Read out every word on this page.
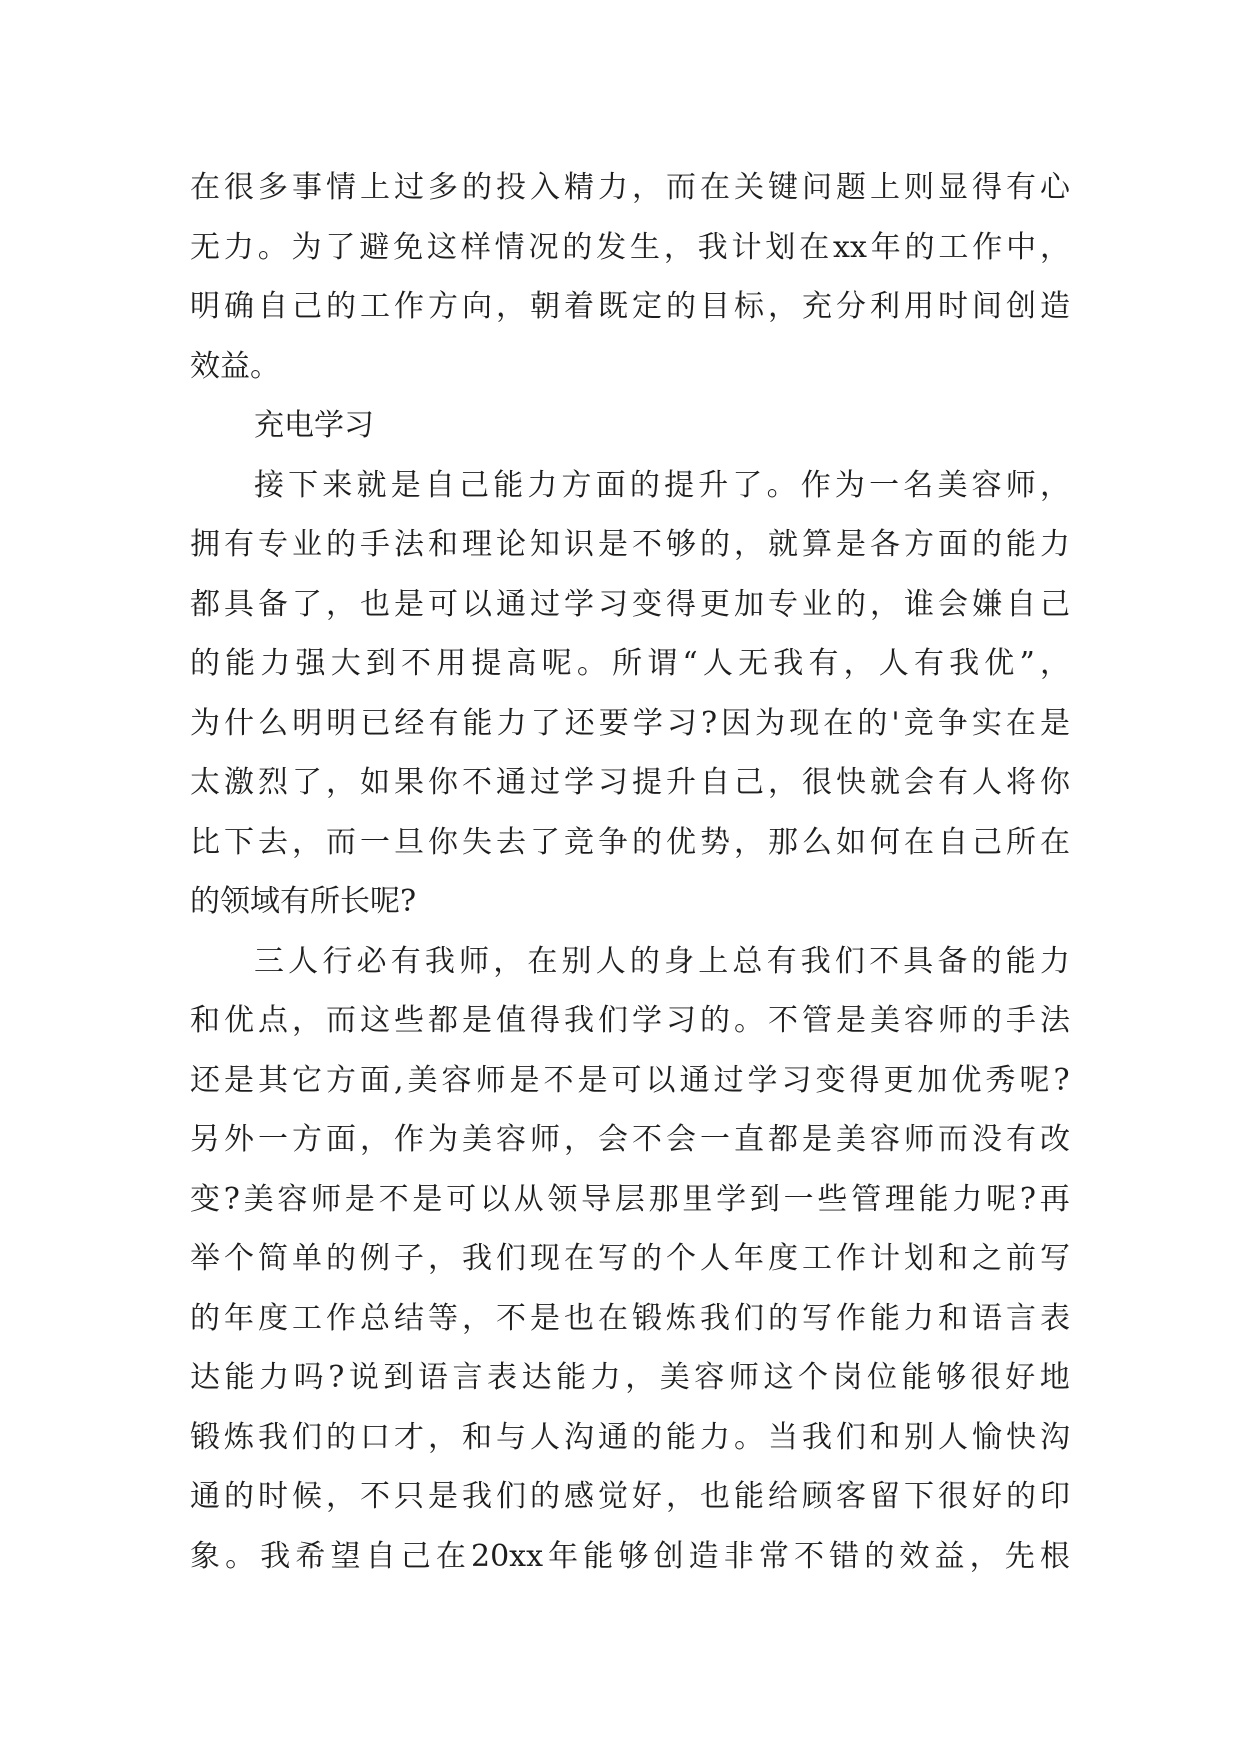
在 很 多 事 情 上 过 多 的 投 入 精 力 ， 而 在 关 键 问 题 上 则 显 得 有 心
无 力 。 为 了 避 免 这 样 情 况 的 发 生 ， 我 计 划 在 xx 年 的 工 作 中 ，
明 确 自 己 的 工 作 方 向 ， 朝 着 既 定 的 目 标 ， 充 分 利 用 时 间 创 造
效益。
充电学习
接 下 来 就 是 自 己 能 力 方 面 的 提 升 了 。 作 为 一 名 美 容 师 ，
拥 有 专 业 的 手 法 和 理 论 知 识 是 不 够 的 ， 就 算 是 各 方 面 的 能 力
都 具 备 了 ， 也 是 可 以 通 过 学 习 变 得 更 加 专 业 的 ， 谁 会 嫌 自 己
的 能 力 强 大 到 不 用 提 高 呢 。 所 谓 “ 人 无 我 有 ， 人 有 我 优 ” ，
为 什 么 明 明 已 经 有 能 力 了 还 要 学 习 ? 因 为 现 在 的 ' 竞 争 实 在 是
太 激 烈 了 ， 如 果 你 不 通 过 学 习 提 升 自 己 ， 很 快 就 会 有 人 将 你
比 下 去 ， 而 一 旦 你 失 去 了 竞 争 的 优 势 ， 那 么 如 何 在 自 己 所 在
的领域有所长呢?
三 人 行 必 有 我 师 ， 在 别 人 的 身 上 总 有 我 们 不 具 备 的 能 力
和 优 点 ， 而 这 些 都 是 值 得 我 们 学 习 的 。 不 管 是 美 容 师 的 手 法
还 是 其 它 方 面 , 美 容 师 是 不 是 可 以 通 过 学 习 变 得 更 加 优 秀 呢 ?
另 外 一 方 面 ， 作 为 美 容 师 ， 会 不 会 一 直 都 是 美 容 师 而 没 有 改
变 ? 美 容 师 是 不 是 可 以 从 领 导 层 那 里 学 到 一 些 管 理 能 力 呢 ? 再
举 个 简 单 的 例 子 ， 我 们 现 在 写 的 个 人 年 度 工 作 计 划 和 之 前 写
的 年 度 工 作 总 结 等 ， 不 是 也 在 锻 炼 我 们 的 写 作 能 力 和 语 言 表
达 能 力 吗 ? 说 到 语 言 表 达 能 力 ， 美 容 师 这 个 岗 位 能 够 很 好 地
锻 炼 我 们 的 口 才 ， 和 与 人 沟 通 的 能 力 。 当 我 们 和 别 人 愉 快 沟
通 的 时 候 ， 不 只 是 我 们 的 感 觉 好 ， 也 能 给 顾 客 留 下 很 好 的 印
象 。 我 希 望 自 己 在 20xx 年 能 够 创 造 非 常 不 错 的 效 益 ， 先 根
